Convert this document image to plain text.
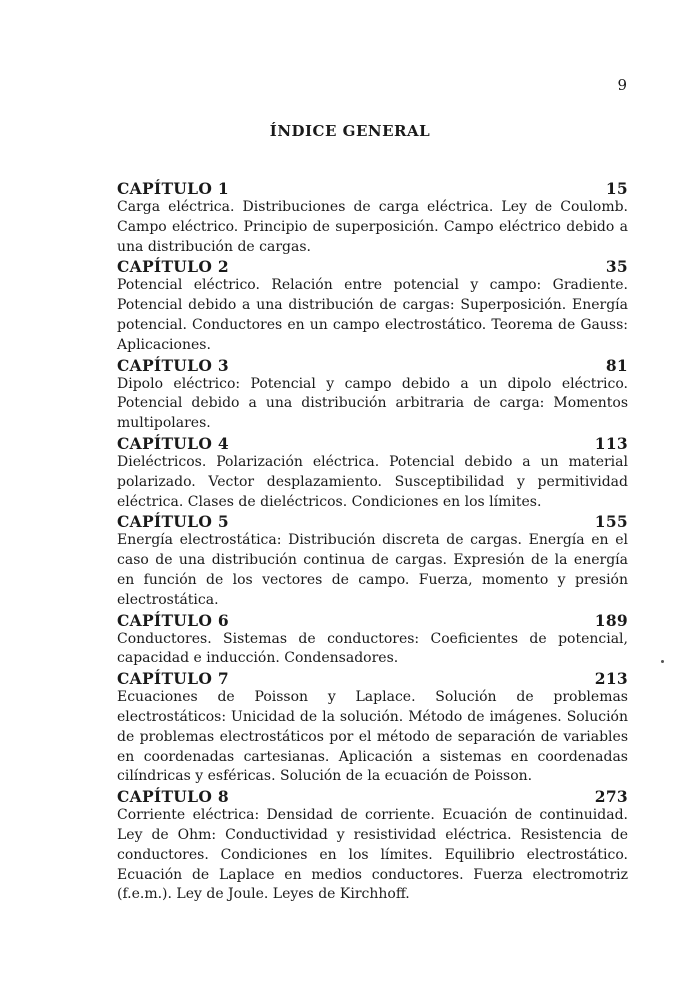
9
ÍNDICE GENERAL
CAPÍTULO 1	15
Carga eléctrica. Distribuciones de carga eléctrica. Ley de Coulomb. Campo eléctrico. Principio de superposición. Campo eléctrico debido a una distribución de cargas.
CAPÍTULO 2	35
Potencial eléctrico. Relación entre potencial y campo: Gradiente. Potencial debido a una distribución de cargas: Superposición. Energía potencial. Conductores en un campo electrostático. Teorema de Gauss: Aplicaciones.
CAPÍTULO 3	81
Dipolo eléctrico: Potencial y campo debido a un dipolo eléctrico. Potencial debido a una distribución arbitraria de carga: Momentos multipolares.
CAPÍTULO 4	113
Dieléctricos. Polarización eléctrica. Potencial debido a un material polarizado. Vector desplazamiento. Susceptibilidad y permitividad eléctrica. Clases de dieléctricos. Condiciones en los límites.
CAPÍTULO 5	155
Energía electrostática: Distribución discreta de cargas. Energía en el caso de una distribución continua de cargas. Expresión de la energía en función de los vectores de campo. Fuerza, momento y presión electrostática.
CAPÍTULO 6	189
Conductores. Sistemas de conductores: Coeficientes de potencial, capacidad e inducción. Condensadores.
CAPÍTULO 7	213
Ecuaciones de Poisson y Laplace. Solución de problemas electrostáticos: Unicidad de la solución. Método de imágenes. Solución de problemas electrostáticos por el método de separación de variables en coordenadas cartesianas. Aplicación a sistemas en coordenadas cilíndricas y esféricas. Solución de la ecuación de Poisson.
CAPÍTULO 8	273
Corriente eléctrica: Densidad de corriente. Ecuación de continuidad. Ley de Ohm: Conductividad y resistividad eléctrica. Resistencia de conductores. Condiciones en los límites. Equilibrio electrostático. Ecuación de Laplace en medios conductores. Fuerza electromotriz (f.e.m.). Ley de Joule. Leyes de Kirchhoff.
